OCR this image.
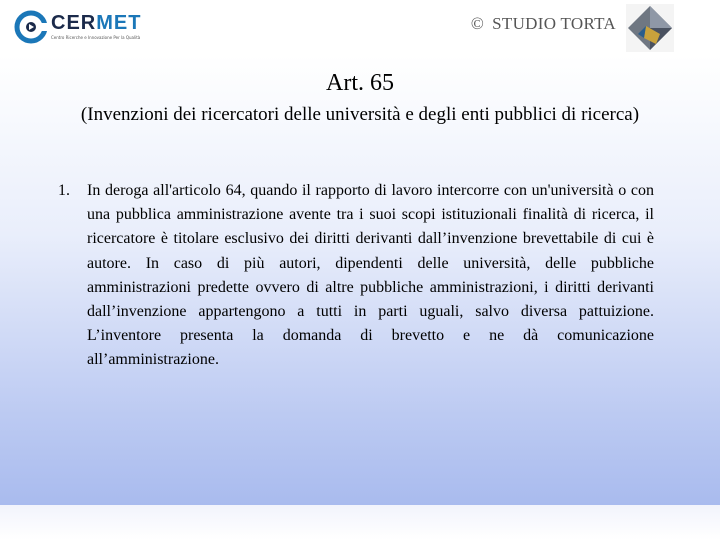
CERMET
Centro Ricerche e Innovazione Per la Qualità
© STUDIO TORTA
Art. 65
(Invenzioni dei ricercatori delle università e degli enti pubblici di ricerca)
1. In deroga all'articolo 64, quando il rapporto di lavoro intercorre con un'università o con una pubblica amministrazione avente tra i suoi scopi istituzionali finalità di ricerca, il ricercatore è titolare esclusivo dei diritti derivanti dall’invenzione brevettabile di cui è autore. In caso di più autori, dipendenti delle università, delle pubbliche amministrazioni predette ovvero di altre pubbliche amministrazioni, i diritti derivanti dall’invenzione appartengono a tutti in parti uguali, salvo diversa pattuizione. L’inventore presenta la domanda di brevetto e ne dà comunicazione all’amministrazione.
